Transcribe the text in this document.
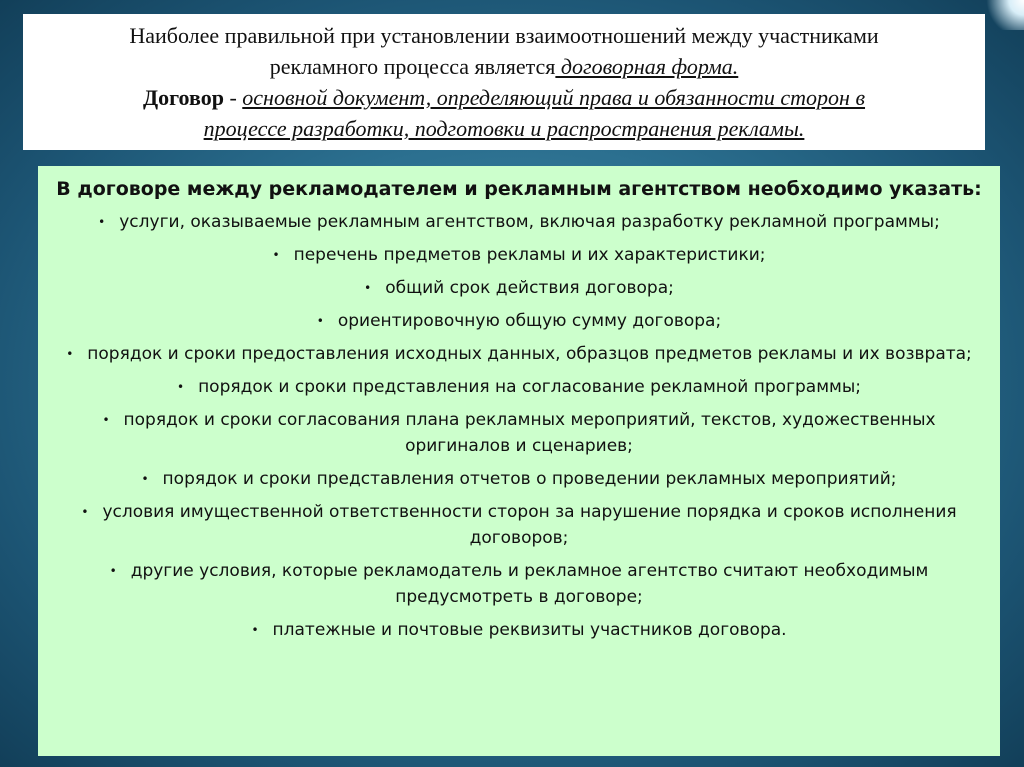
Наиболее правильной при установлении взаимоотношений между участниками
рекламного процесса является договорная форма.
Договор - основной документ, определяющий права и обязанности сторон в
процессе разработки, подготовки и распространения рекламы.
В договоре между рекламодателем и рекламным агентством необходимо указать:
• услуги, оказываемые рекламным агентством, включая разработку рекламной программы;
• перечень предметов рекламы и их характеристики;
• общий срок действия договора;
• ориентировочную общую сумму договора;
• порядок и сроки предоставления исходных данных, образцов предметов рекламы и их возврата;
• порядок и сроки представления на согласование рекламной программы;
• порядок и сроки согласования плана рекламных мероприятий, текстов, художественных оригиналов и сценариев;
• порядок и сроки представления отчетов о проведении рекламных мероприятий;
• условия имущественной ответственности сторон за нарушение порядка и сроков исполнения договоров;
• другие условия, которые рекламодатель и рекламное агентство считают необходимым предусмотреть в договоре;
• платежные и почтовые реквизиты участников договора.
